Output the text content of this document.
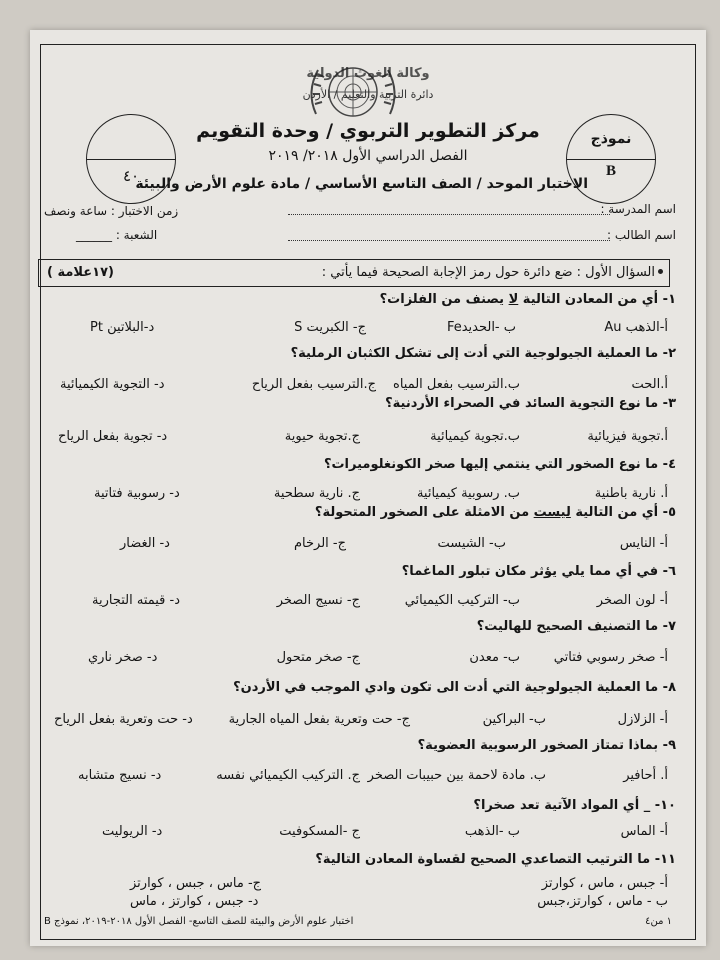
وكالة الغوث الدولية
دائرة التربية والتعليم / الأردن
مركز التطوير التربوي / وحدة التقويم
الفصل الدراسي الأول ٢٠١٨/ ٢٠١٩
الاختبار الموحد / الصف التاسع الأساسي / مادة علوم الأرض والبيئة
٤٠
نموذج
B
اسم المدرسة :
اسم الطالب :
زمن الاختبار : ساعة ونصف
الشعبة : ______
السؤال الأول : ضع دائرة حول رمز الإجابة الصحيحة فيما يأتي :
(١٧علامة )
١- أي من المعادن التالية لا يصنف من الفلزات؟
أ-الذهب Au
ب -الحديدFe
ج- الكبريت S
د-البلاتين Pt
٢- ما العملية الجيولوجية التي أدت إلى تشكل الكثبان الرملية؟
أ.الحت
ب.الترسيب بفعل المياه
ج.الترسيب بفعل الرياح
د- التجوية الكيميائية
٣- ما نوع التجوية السائد في الصحراء الأردنية؟
أ.تجوية فيزيائية
ب.تجوية كيميائية
ج.تجوية حيوية
د- تجوية بفعل الرياح
٤- ما نوع الصخور التي ينتمي إليها صخر الكونغلوميرات؟
أ. نارية باطنية
ب. رسوبية كيميائية
ج. نارية سطحية
د- رسوبية فتاتية
٥- أي من التالية ليست من الامثلة على الصخور المتحولة؟
أ- النايس
ب- الشيست
ج- الرخام
د- الغضار
٦- في أي مما يلي يؤثر مكان تبلور الماغما؟
أ- لون الصخر
ب- التركيب الكيميائي
ج- نسيج الصخر
د- قيمته التجارية
٧- ما التصنيف الصحيح للهاليت؟
أ- صخر رسوبي فتاتي
ب- معدن
ج- صخر متحول
د- صخر ناري
٨- ما العملية الجيولوجية التي أدت الى تكون وادي الموجب في الأردن؟
أ- الزلازل
ب- البراكين
ج- حت وتعرية بفعل المياه الجارية
د- حت وتعرية بفعل الرياح
٩- بماذا تمتاز الصخور الرسوبية العضوية؟
أ. أحافير
ب. مادة لاحمة بين حبيبات الصخر
ج. التركيب الكيميائي نفسه
د- نسيج متشابه
١٠- _ أي المواد الآتية تعد صخرا؟
أ- الماس
ب -الذهب
ج -المسكوفيت
د- الريوليت
١١- ما الترتيب التصاعدي الصحيح لقساوة المعادن التالية؟
أ- جبس ، ماس ، كوارتز
ب - ماس ، كوارتز،جبس
ج- ماس ، جبس ، كوارتز
د- جبس ، كوارتز ، ماس
اختبار علوم الأرض والبيئة للصف التاسع- الفصل الأول ٢٠١٨-٢٠١٩، نموذج B	١ من٤
